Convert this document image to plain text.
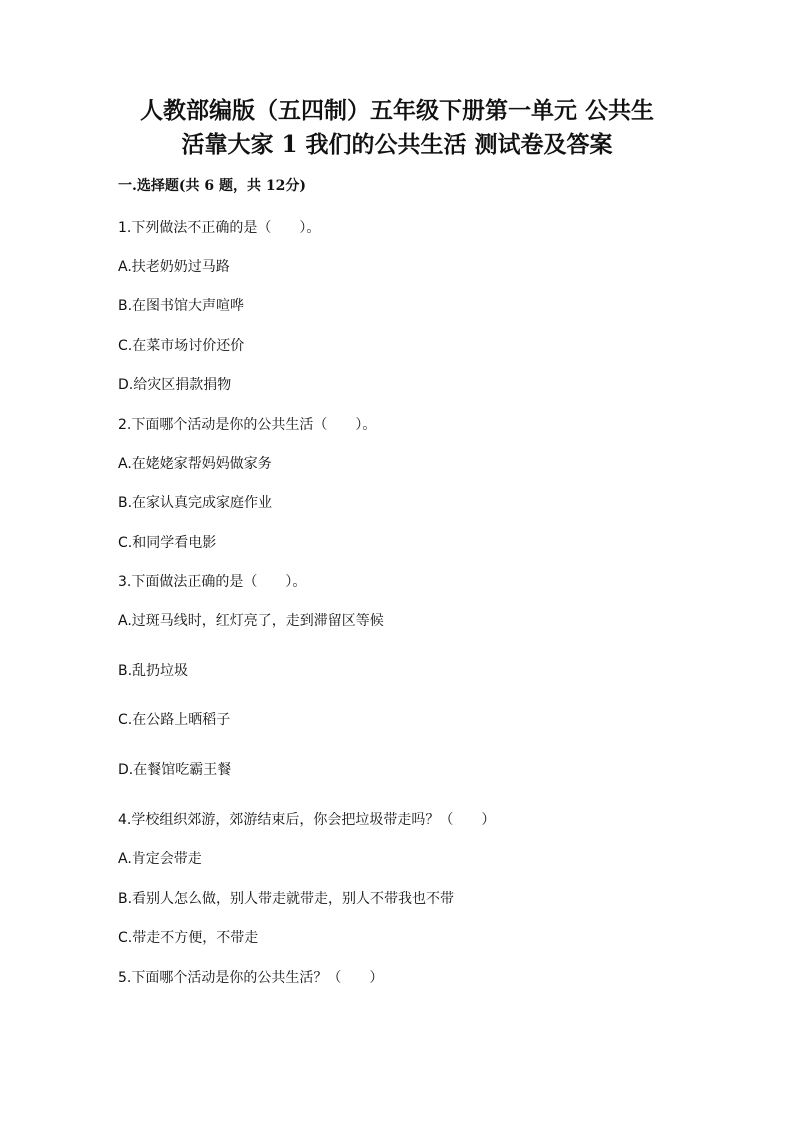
人教部编版（五四制）五年级下册第一单元 公共生
活靠大家 1 我们的公共生活 测试卷及答案

一.选择题(共 6 题，共 12分)

1.下列做法不正确的是（　　）。

A.扶老奶奶过马路

B.在图书馆大声喧哗

C.在菜市场讨价还价

D.给灾区捐款捐物

2.下面哪个活动是你的公共生活（　　）。

A.在姥姥家帮妈妈做家务

B.在家认真完成家庭作业

C.和同学看电影

3.下面做法正确的是（　　）。

A.过斑马线时，红灯亮了，走到滞留区等候

B.乱扔垃圾

C.在公路上晒稻子

D.在餐馆吃霸王餐

4.学校组织郊游，郊游结束后，你会把垃圾带走吗？（　　）

A.肯定会带走

B.看别人怎么做，别人带走就带走，别人不带我也不带

C.带走不方便，不带走

5.下面哪个活动是你的公共生活？（　　）
